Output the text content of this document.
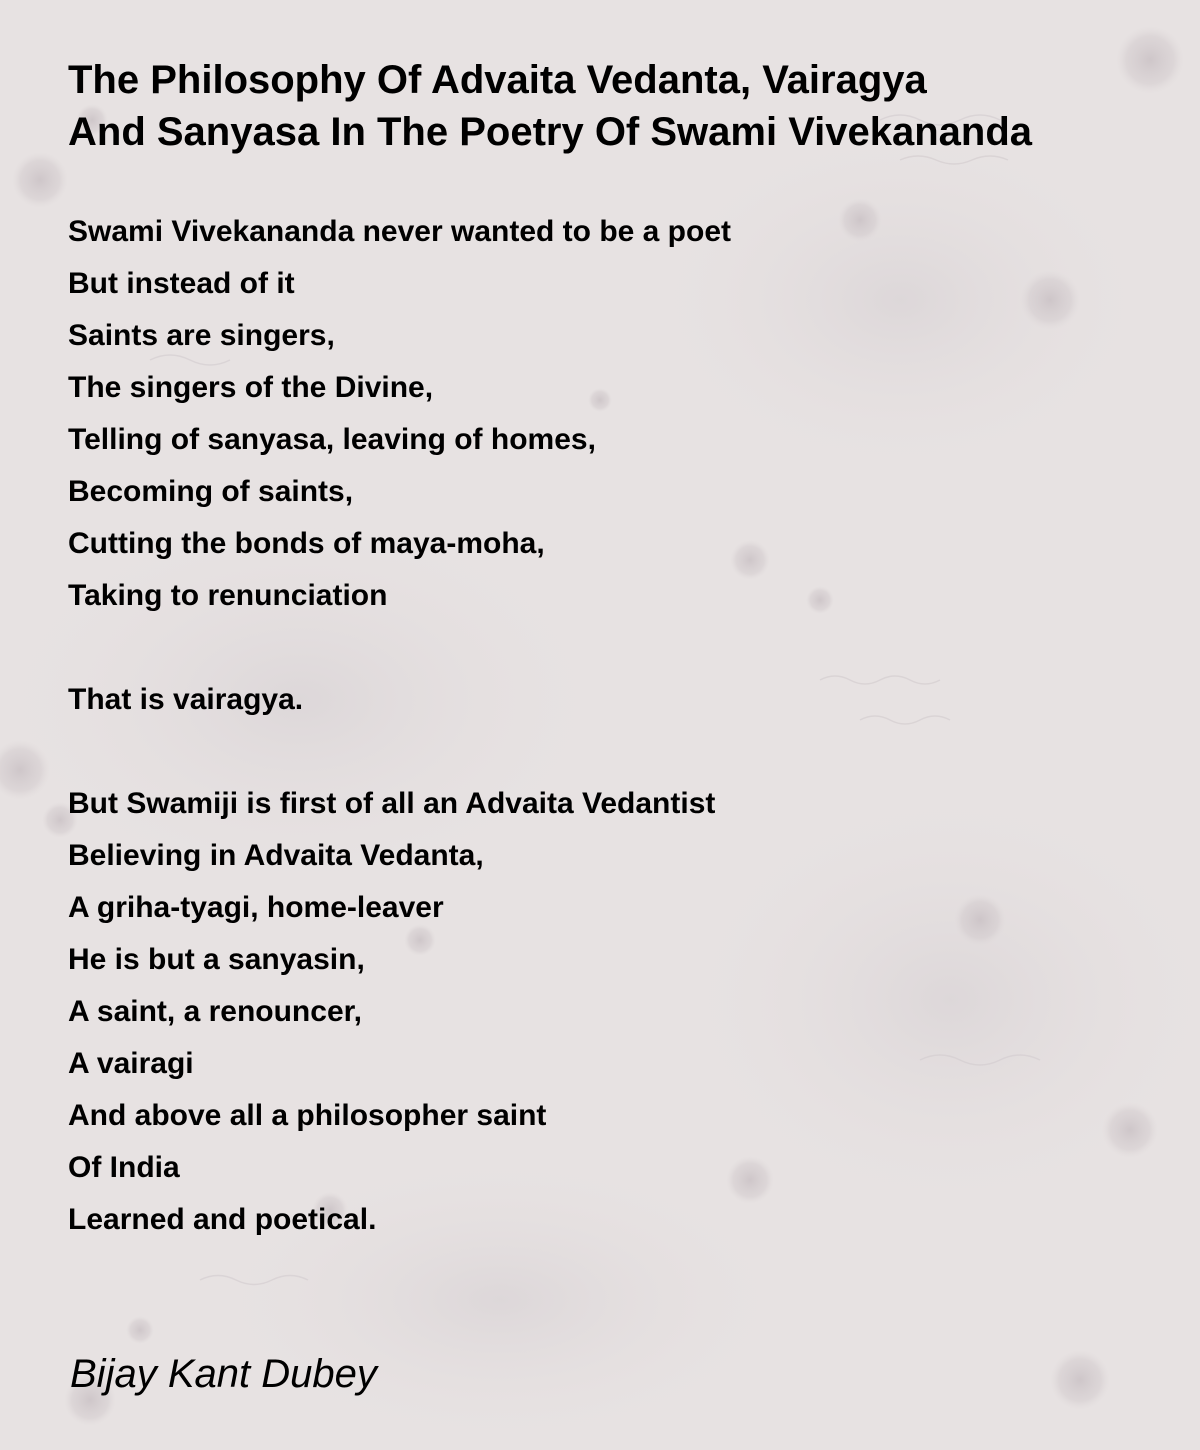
The Philosophy Of Advaita Vedanta, Vairagya
And Sanyasa In The Poetry Of Swami Vivekananda
Swami Vivekananda never wanted to be a poet
But instead of it
Saints are singers,
The singers of the Divine,
Telling of sanyasa, leaving of homes,
Becoming of saints,
Cutting the bonds of maya-moha,
Taking to renunciation
That is vairagya.
But Swamiji is first of all an Advaita Vedantist
Believing in Advaita Vedanta,
A griha-tyagi, home-leaver
He is but a sanyasin,
A saint, a renouncer,
A vairagi
And above all a philosopher saint
Of India
Learned and poetical.
Bijay Kant Dubey
